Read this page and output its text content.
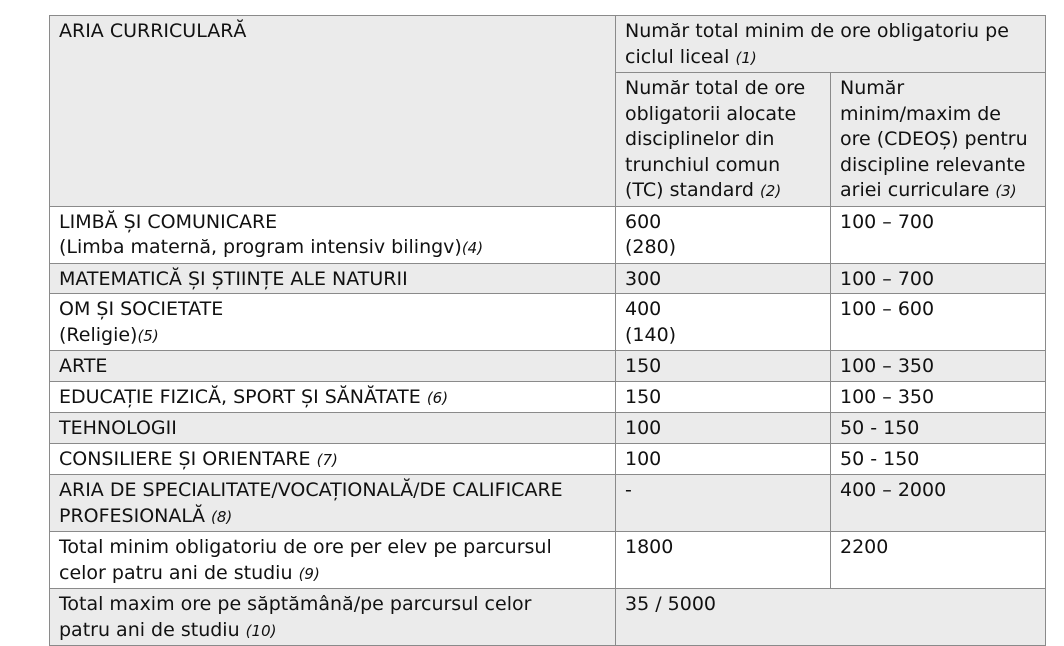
ARIA CURRICULARĂ	Număr total minim de ore obligatoriu pe
ciclul liceal (1)	

	Număr total de ore
obligatorii alocate
disciplinelor din
trunchiul comun
(TC) standard (2)	Număr
minim/maxim de
ore (CDEOȘ) pentru
discipline relevante
ariei curriculare (3)

LIMBĂ ȘI COMUNICARE
(Limba maternă, program intensiv bilingv)(4)	600
(280)	100 – 700
MATEMATICĂ ȘI ȘTIINȚE ALE NATURII	300	100 – 700

OM ȘI SOCIETATE
(Religie)(5)	400
(140)	100 – 600
ARTE	150	100 – 350
EDUCAȚIE FIZICĂ, SPORT ȘI SĂNĂTATE (6)	150	100 – 350
TEHNOLOGII	100	50 - 150
CONSILIERE ȘI ORIENTARE (7)	100	50 - 150

ARIA DE SPECIALITATE/VOCAȚIONALĂ/DE CALIFICARE
PROFESIONALĂ (8)	-	400 – 2000

Total minim obligatoriu de ore per elev pe parcursul
celor patru ani de studiu (9)	1800	2200

Total maxim ore pe săptămână/pe parcursul celor
patru ani de studiu (10)	35 / 5000	
